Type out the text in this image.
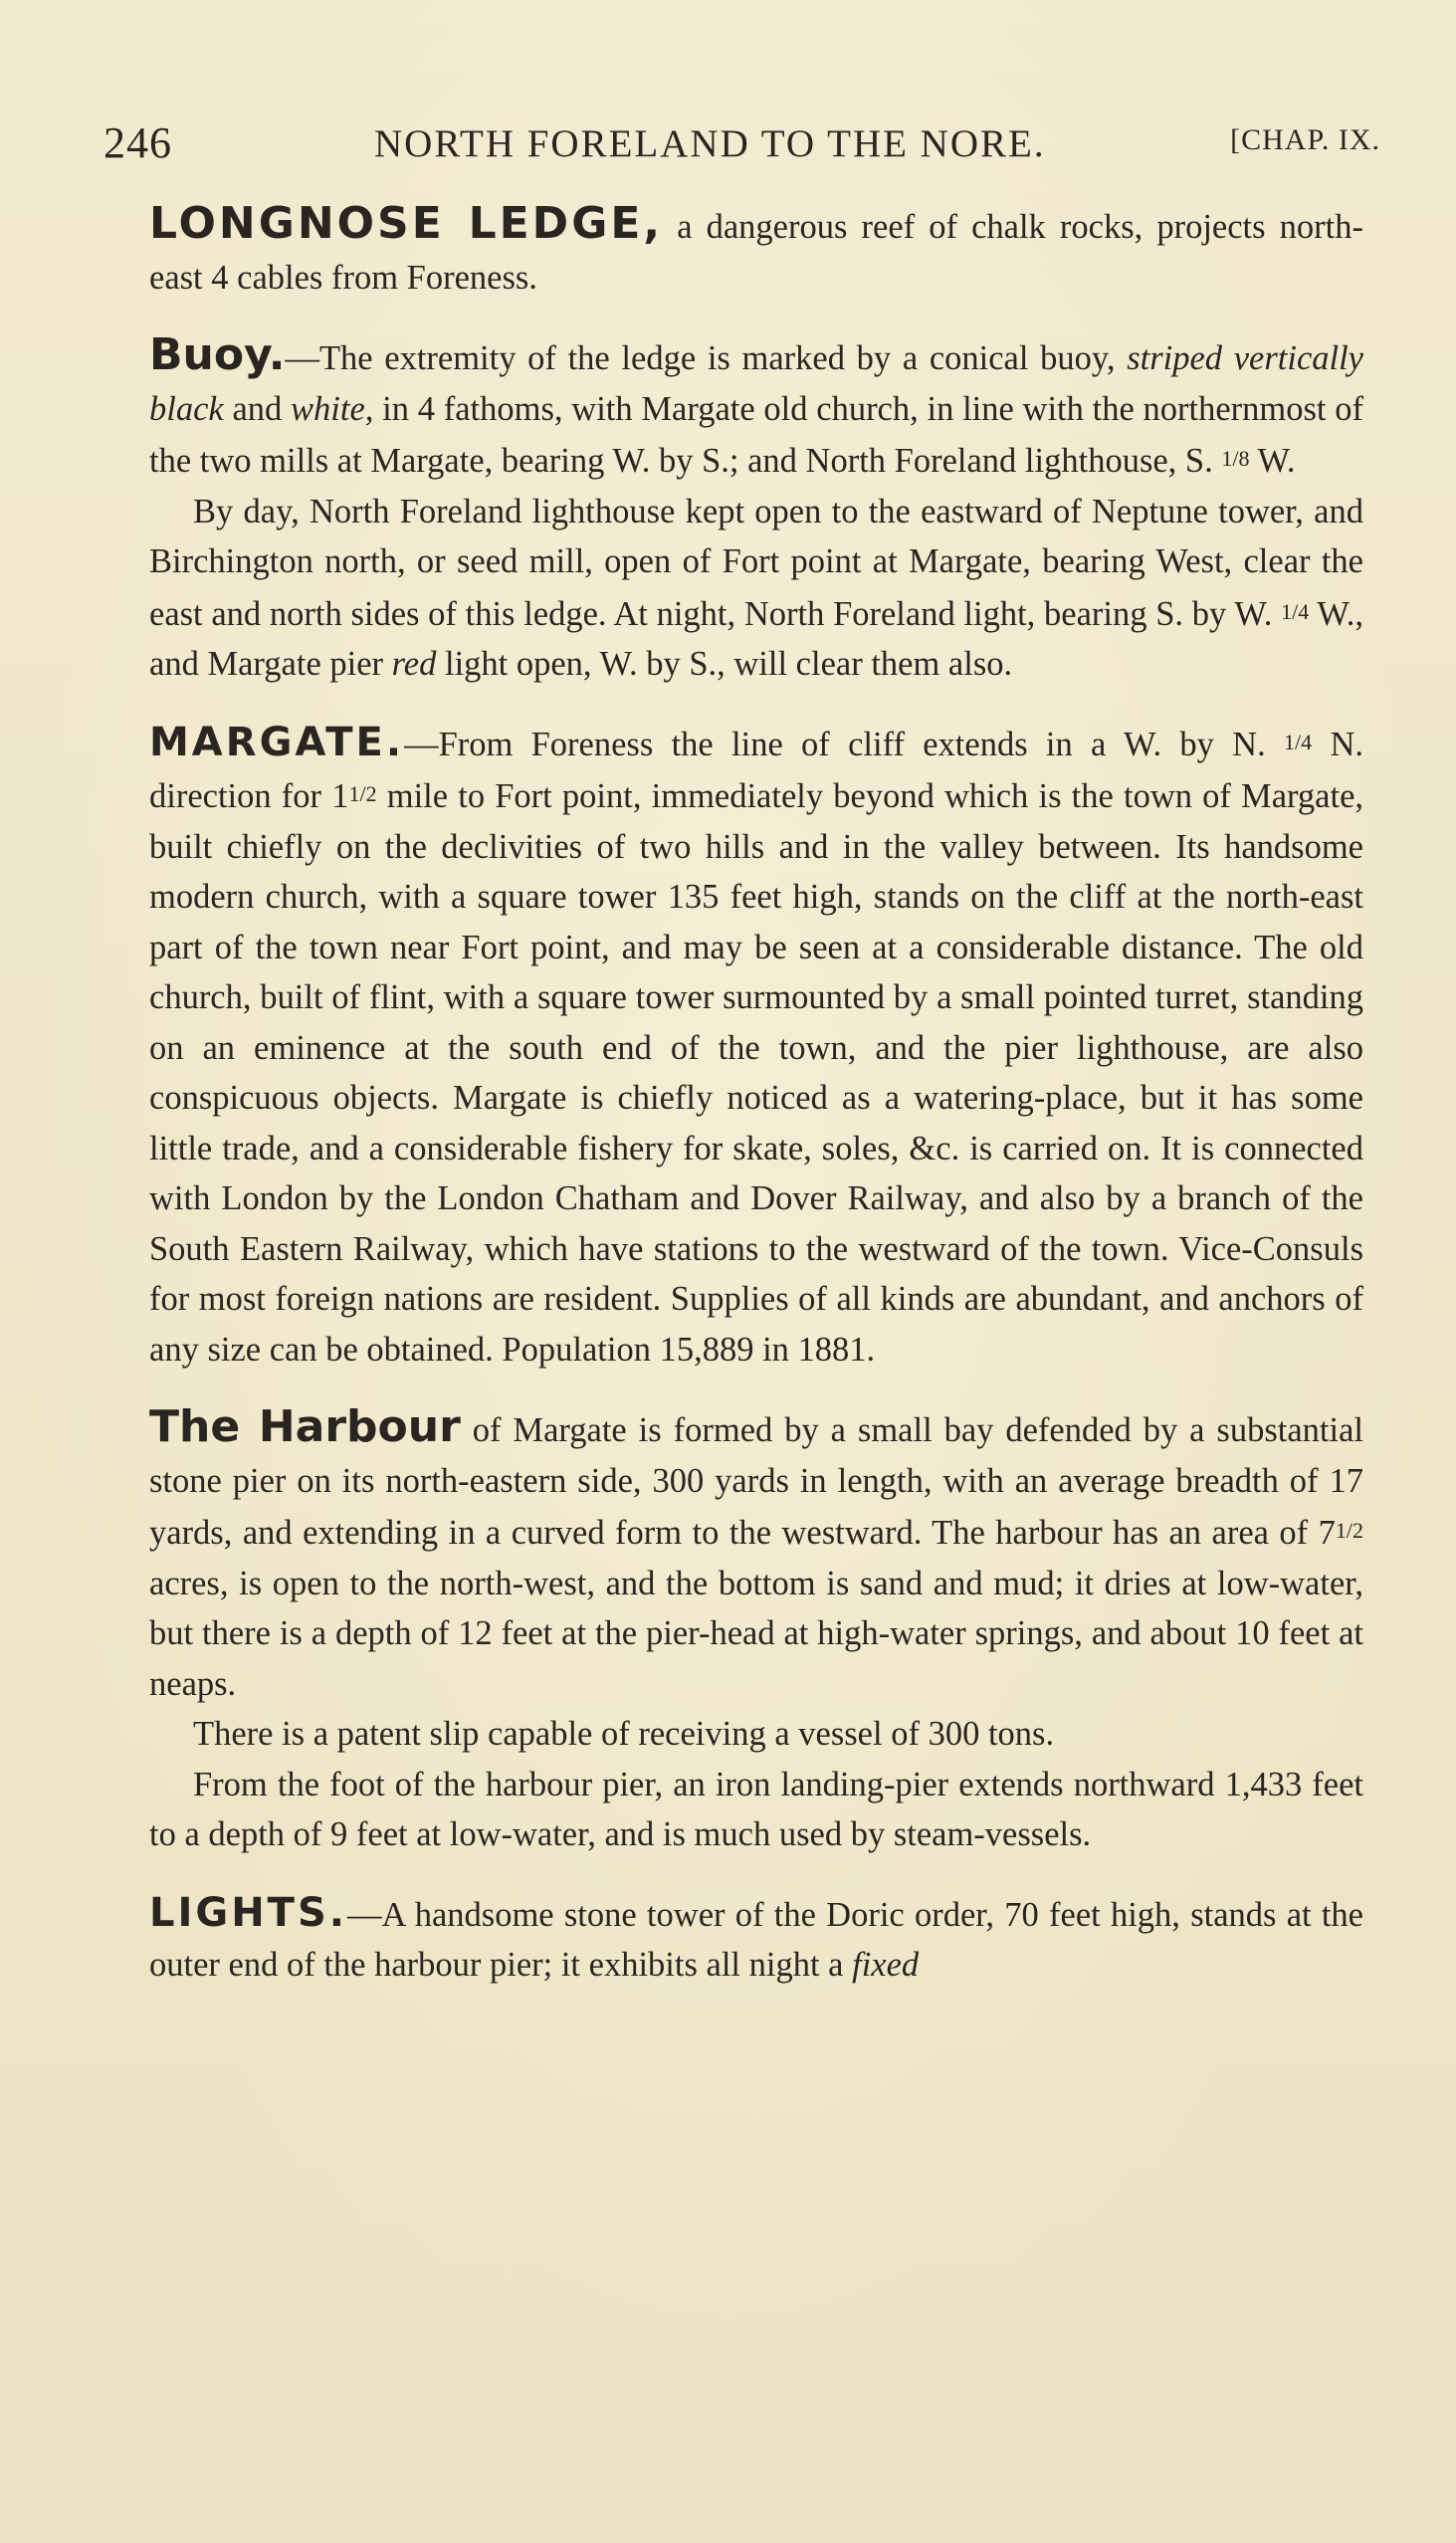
246	NORTH FORELAND TO THE NORE.	[CHAP. IX.

LONGNOSE LEDGE, a dangerous reef of chalk rocks, projects north-east 4 cables from Foreness.

Buoy.—The extremity of the ledge is marked by a conical buoy, striped vertically black and white, in 4 fathoms, with Margate old church, in line with the northernmost of the two mills at Margate, bearing W. by S.; and North Foreland lighthouse, S. 1/8 W.

By day, North Foreland lighthouse kept open to the eastward of Neptune tower, and Birchington north, or seed mill, open of Fort point at Margate, bearing West, clear the east and north sides of this ledge. At night, North Foreland light, bearing S. by W. 1/4 W., and Margate pier red light open, W. by S., will clear them also.

MARGATE.—From Foreness the line of cliff extends in a W. by N. 1/4 N. direction for 11/2 mile to Fort point, immediately beyond which is the town of Margate, built chiefly on the declivities of two hills and in the valley between. Its handsome modern church, with a square tower 135 feet high, stands on the cliff at the north-east part of the town near Fort point, and may be seen at a considerable distance. The old church, built of flint, with a square tower surmounted by a small pointed turret, standing on an eminence at the south end of the town, and the pier lighthouse, are also conspicuous objects. Margate is chiefly noticed as a watering-place, but it has some little trade, and a considerable fishery for skate, soles, &c. is carried on. It is connected with London by the London Chatham and Dover Railway, and also by a branch of the South Eastern Railway, which have stations to the westward of the town. Vice-Consuls for most foreign nations are resident. Supplies of all kinds are abundant, and anchors of any size can be obtained. Population 15,889 in 1881.

The Harbour of Margate is formed by a small bay defended by a substantial stone pier on its north-eastern side, 300 yards in length, with an average breadth of 17 yards, and extending in a curved form to the westward. The harbour has an area of 71/2 acres, is open to the north-west, and the bottom is sand and mud; it dries at low-water, but there is a depth of 12 feet at the pier-head at high-water springs, and about 10 feet at neaps.

There is a patent slip capable of receiving a vessel of 300 tons.

From the foot of the harbour pier, an iron landing-pier extends northward 1,433 feet to a depth of 9 feet at low-water, and is much used by steam-vessels.

LIGHTS.—A handsome stone tower of the Doric order, 70 feet high, stands at the outer end of the harbour pier; it exhibits all night a fixed
